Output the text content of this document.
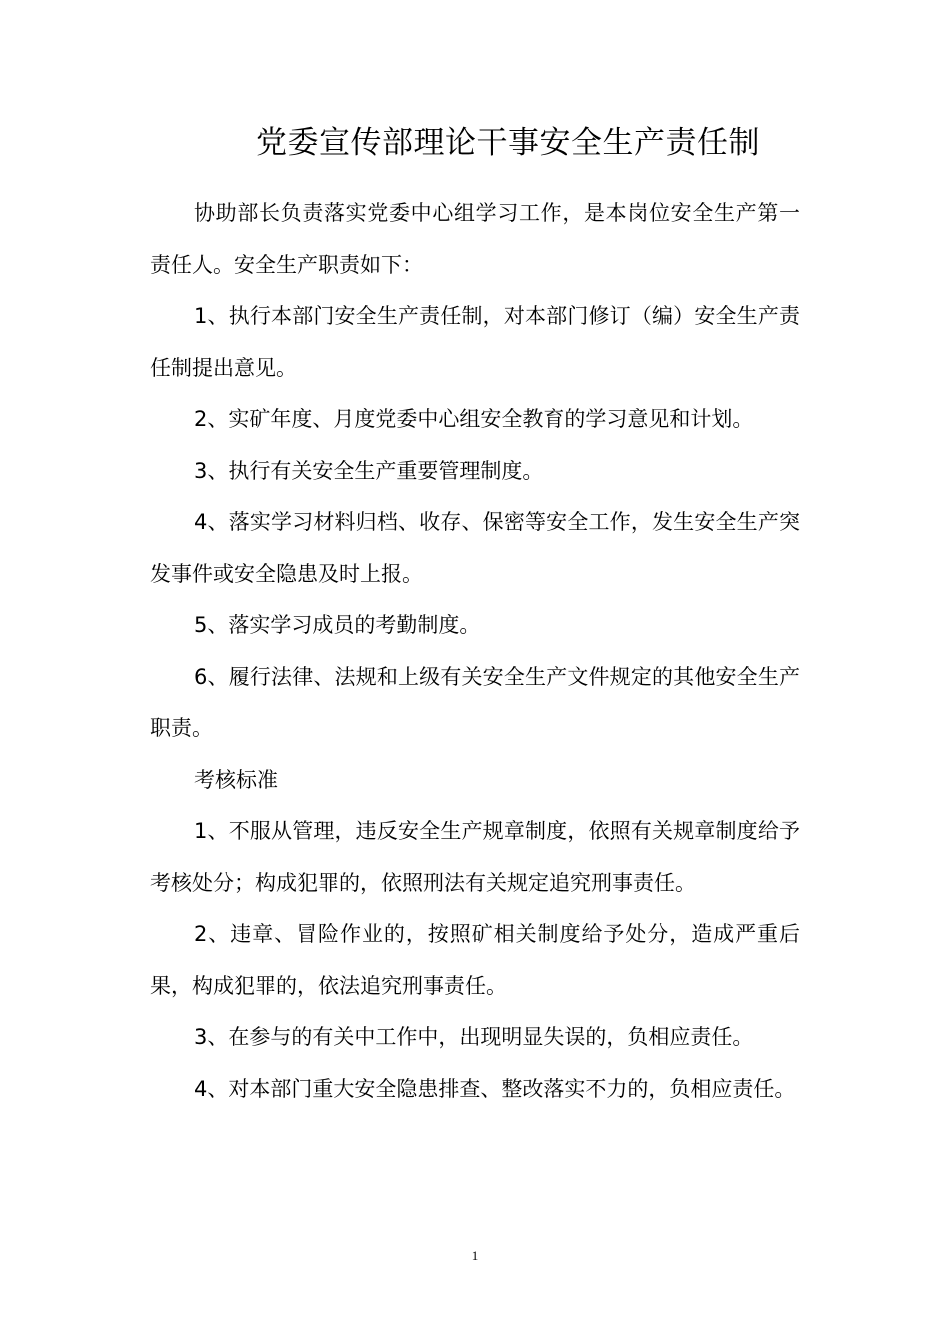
党委宣传部理论干事安全生产责任制

协助部长负责落实党委中心组学习工作，是本岗位安全生产第一责任人。安全生产职责如下：

1、执行本部门安全生产责任制，对本部门修订（编）安全生产责任制提出意见。

2、实矿年度、月度党委中心组安全教育的学习意见和计划。

3、执行有关安全生产重要管理制度。

4、落实学习材料归档、收存、保密等安全工作，发生安全生产突发事件或安全隐患及时上报。

5、落实学习成员的考勤制度。

6、履行法律、法规和上级有关安全生产文件规定的其他安全生产职责。

考核标准

1、不服从管理，违反安全生产规章制度，依照有关规章制度给予考核处分；构成犯罪的，依照刑法有关规定追究刑事责任。

2、违章、冒险作业的，按照矿相关制度给予处分，造成严重后果，构成犯罪的，依法追究刑事责任。

3、在参与的有关中工作中，出现明显失误的，负相应责任。

4、对本部门重大安全隐患排查、整改落实不力的，负相应责任。

1
